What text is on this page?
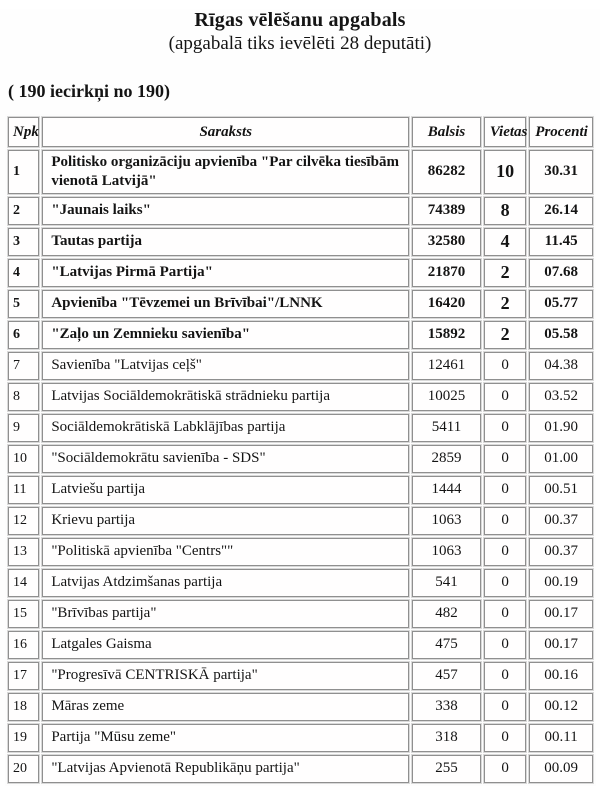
Rīgas vēlēšanu apgabals
(apgabalā tiks ievēlēti 28 deputāti)
( 190 iecirkņi no 190)
Npk	Saraksts	Balsis	Vietas	Procenti
1	Politisko organizāciju apvienība "Par cilvēka tiesībām vienotā Latvijā"	86282	10	30.31
2	"Jaunais laiks"	74389	8	26.14
3	Tautas partija	32580	4	11.45
4	"Latvijas Pirmā Partija"	21870	2	07.68
5	Apvienība "Tēvzemei un Brīvībai"/LNNK	16420	2	05.77
6	"Zaļo un Zemnieku savienība"	15892	2	05.58
7	Savienība "Latvijas ceļš"	12461	0	04.38
8	Latvijas Sociāldemokrātiskā strādnieku partija	10025	0	03.52
9	Sociāldemokrātiskā Labklājības partija	5411	0	01.90
10	"Sociāldemokrātu savienība - SDS"	2859	0	01.00
11	Latviešu partija	1444	0	00.51
12	Krievu partija	1063	0	00.37
13	"Politiskā apvienība "Centrs""	1063	0	00.37
14	Latvijas Atdzimšanas partija	541	0	00.19
15	"Brīvības partija"	482	0	00.17
16	Latgales Gaisma	475	0	00.17
17	"Progresīvā CENTRISKĀ partija"	457	0	00.16
18	Māras zeme	338	0	00.12
19	Partija "Mūsu zeme"	318	0	00.11
20	"Latvijas Apvienotā Republikāņu partija"	255	0	00.09
